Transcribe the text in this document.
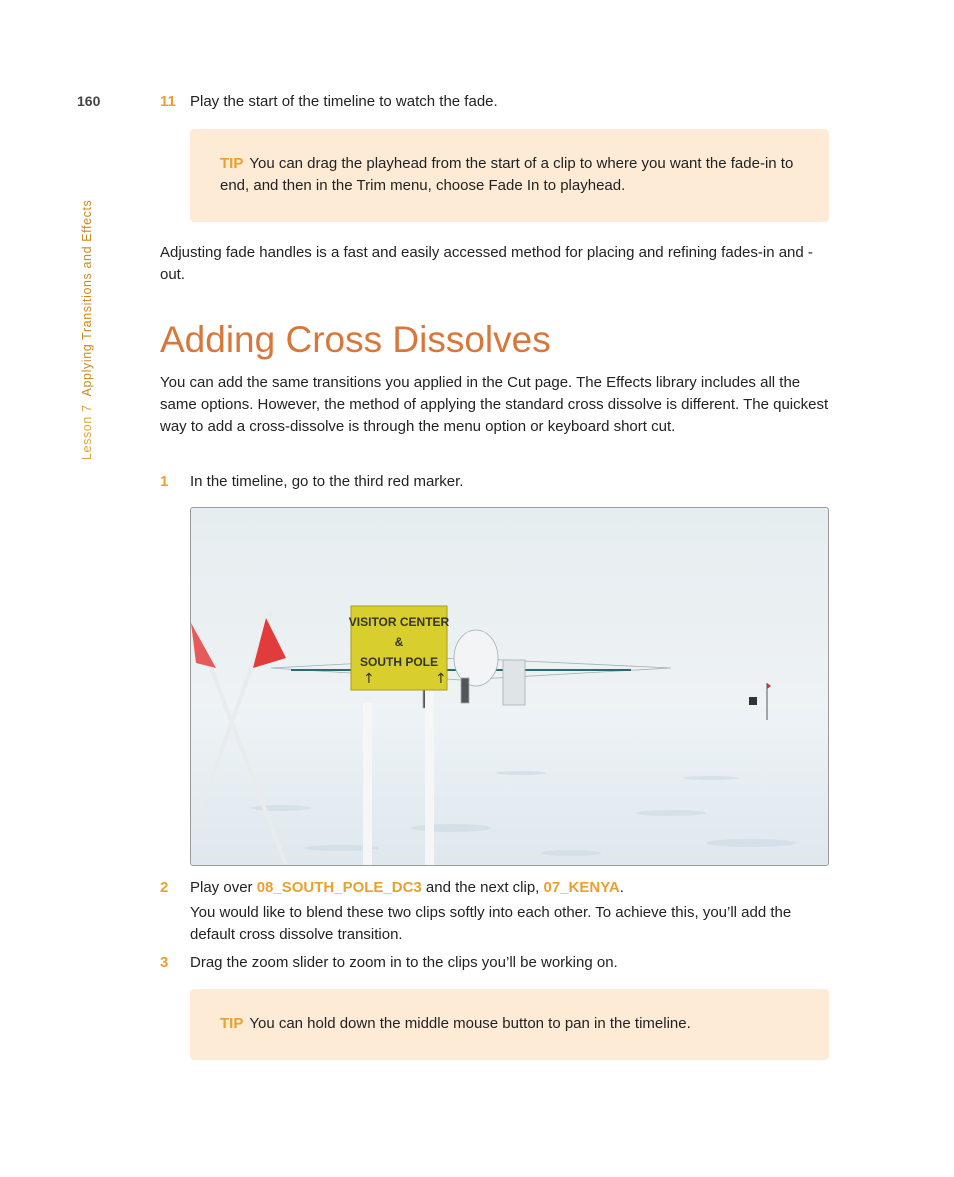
160
Lesson 7Applying Transitions and Effects
11 Play the start of the timeline to watch the fade.
TIP You can drag the playhead from the start of a clip to where you want the fade-in to end, and then in the Trim menu, choose Fade In to playhead.
Adjusting fade handles is a fast and easily accessed method for placing and refining fades-in and -out.
Adding Cross Dissolves
You can add the same transitions you applied in the Cut page. The Effects library includes all the same options. However, the method of applying the standard cross dissolve is different. The quickest way to add a cross-dissolve is through the menu option or keyboard short cut.
1	In the timeline, go to the third red marker.
VISITOR CENTER
&
SOUTH POLE
↑	↑
2	Play over 08_SOUTH_POLE_DC3 and the next clip, 07_KENYA.
You would like to blend these two clips softly into each other. To achieve this, you’ll add the default cross dissolve transition.
3	Drag the zoom slider to zoom in to the clips you’ll be working on.
TIP You can hold down the middle mouse button to pan in the timeline.
